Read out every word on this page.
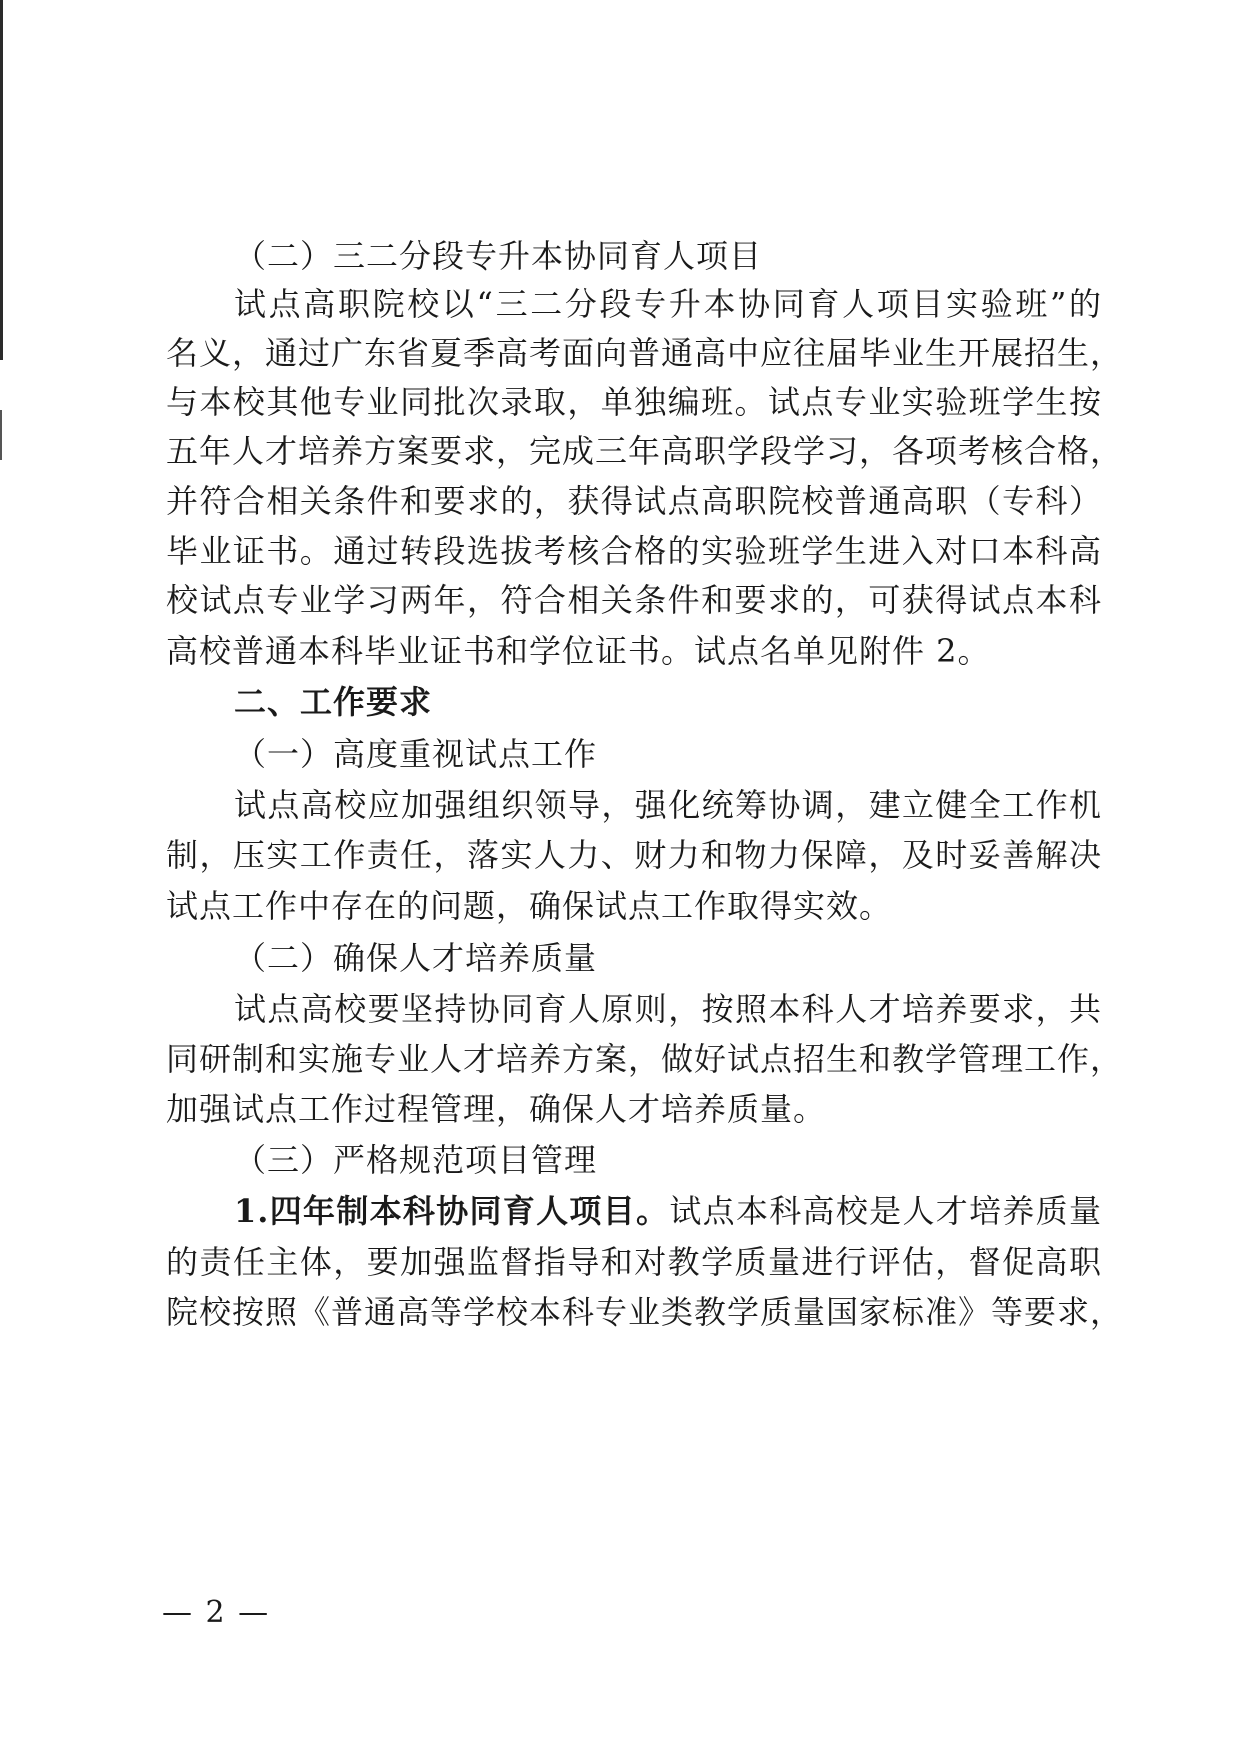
（二）三二分段专升本协同育人项目
试点高职院校以“三二分段专升本协同育人项目实验班”的
名义，通过广东省夏季高考面向普通高中应往届毕业生开展招生，
与本校其他专业同批次录取，单独编班。试点专业实验班学生按
五年人才培养方案要求，完成三年高职学段学习，各项考核合格，
并符合相关条件和要求的，获得试点高职院校普通高职（专科）
毕业证书。通过转段选拔考核合格的实验班学生进入对口本科高
校试点专业学习两年，符合相关条件和要求的，可获得试点本科
高校普通本科毕业证书和学位证书。试点名单见附件 2。
二、工作要求
（一）高度重视试点工作
试点高校应加强组织领导，强化统筹协调，建立健全工作机
制，压实工作责任，落实人力、财力和物力保障，及时妥善解决
试点工作中存在的问题，确保试点工作取得实效。
（二）确保人才培养质量
试点高校要坚持协同育人原则，按照本科人才培养要求，共
同研制和实施专业人才培养方案，做好试点招生和教学管理工作，
加强试点工作过程管理，确保人才培养质量。
（三）严格规范项目管理
1.四年制本科协同育人项目。试点本科高校是人才培养质量
的责任主体，要加强监督指导和对教学质量进行评估，督促高职
院校按照《普通高等学校本科专业类教学质量国家标准》等要求，
— 2 —
